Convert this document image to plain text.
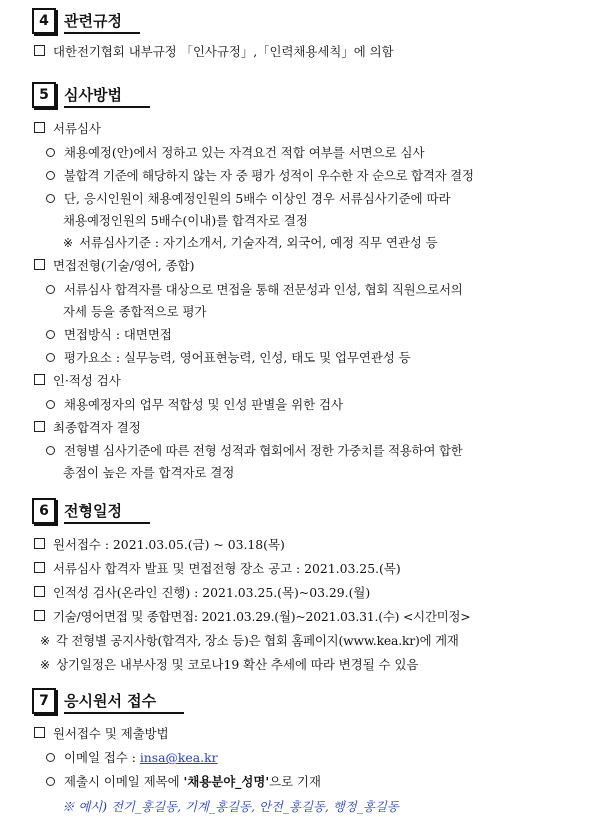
4	관련규정
대한전기협회 내부규정 「인사규정」,「인력채용세칙」에 의함
5	심사방법
서류심사
채용예정(안)에서 정하고 있는 자격요건 적합 여부를 서면으로 심사
불합격 기준에 해당하지 않는 자 중 평가 성적이 우수한 자 순으로 합격자 결정
단, 응시인원이 채용예정인원의 5배수 이상인 경우 서류심사기준에 따라
채용예정인원의 5배수(이내)를 합격자로 결정
※ 서류심사기준 : 자기소개서, 기술자격, 외국어, 예정 직무 연관성 등
면접전형(기술/영어, 종합)
서류심사 합격자를 대상으로 면접을 통해 전문성과 인성, 협회 직원으로서의
자세 등을 종합적으로 평가
면접방식 : 대면면접
평가요소 : 실무능력, 영어표현능력, 인성, 태도 및 업무연관성 등
인·적성 검사
채용예정자의 업무 적합성 및 인성 판별을 위한 검사
최종합격자 결정
전형별 심사기준에 따른 전형 성적과 협회에서 정한 가중치를 적용하여 합한
총점이 높은 자를 합격자로 결정
6	전형일정
원서접수 : 2021.03.05.(금) ~ 03.18(목)
서류심사 합격자 발표 및 면접전형 장소 공고 : 2021.03.25.(목)
인적성 검사(온라인 진행) : 2021.03.25.(목)~03.29.(월)
기술/영어면접 및 종합면접: 2021.03.29.(월)~2021.03.31.(수) <시간미정>
※ 각 전형별 공지사항(합격자, 장소 등)은 협회 홈페이지(www.kea.kr)에 게재
※ 상기일정은 내부사정 및 코로나19 확산 추세에 따라 변경될 수 있음
7	응시원서 접수
원서접수 및 제출방법
이메일 접수 : insa@kea.kr
제출시 이메일 제목에 '채용분야_성명'으로 기재
※ 예시) 전기_홍길동, 기계_홍길동, 안전_홍길동, 행정_홍길동
